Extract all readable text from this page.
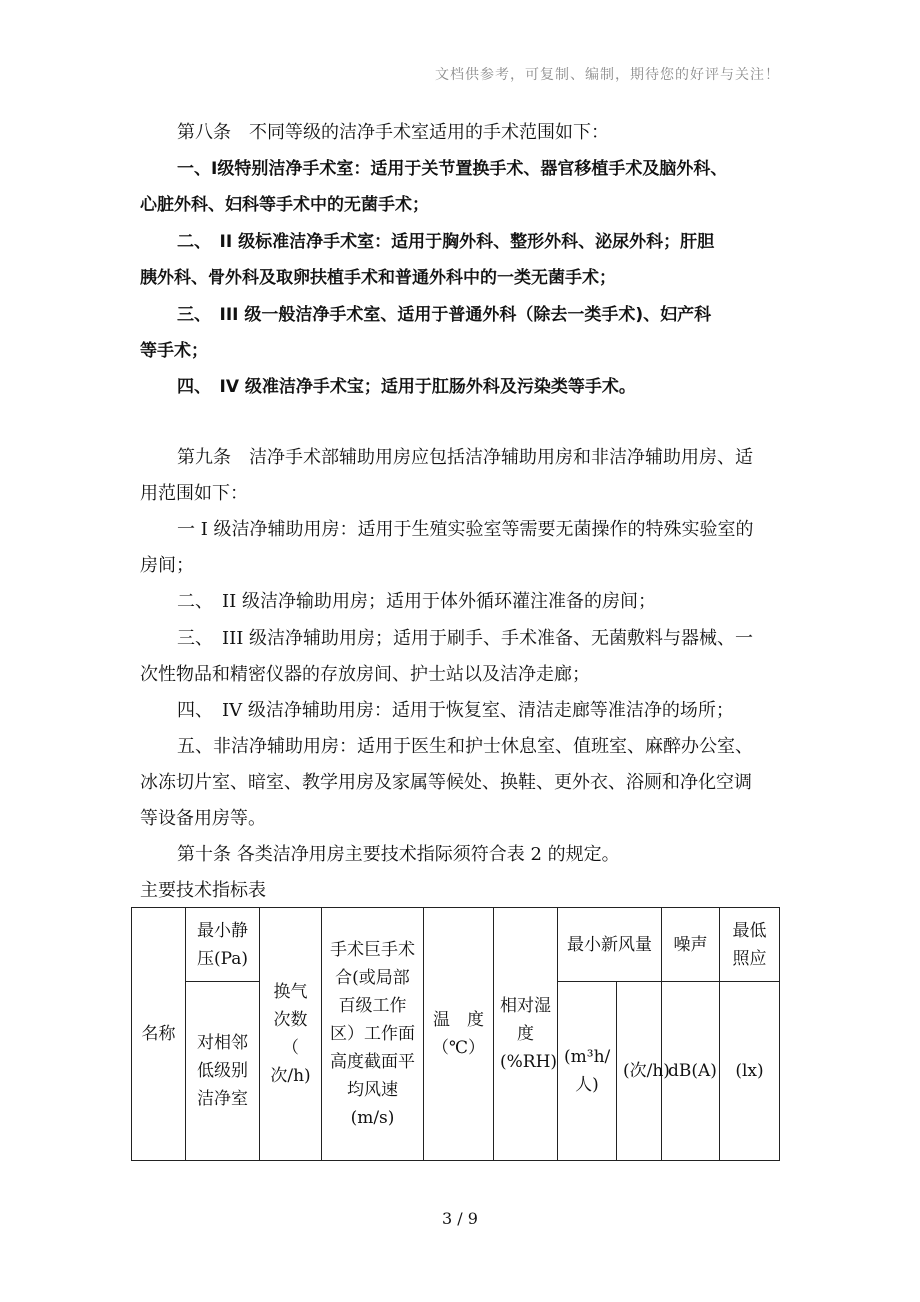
文档供参考，可复制、编制，期待您的好评与关注！
第八条　不同等级的洁净手术室适用的手术范围如下：
一、Ⅰ级特别洁净手术室：适用于关节置换手术、器官移植手术及脑外科、
心脏外科、妇科等手术中的无菌手术；
二、　II 级标准洁净手术室：适用于胸外科、整形外科、泌尿外科；肝胆
胰外科、骨外科及取卵扶植手术和普通外科中的一类无菌手术；
三、　III 级一般洁净手术室、适用于普通外科（除去一类手术)、妇产科
等手术；
四、　IV 级准洁净手术宝；适用于肛肠外科及污染类等手术。
第九条　洁净手术部辅助用房应包括洁净辅助用房和非洁净辅助用房、适
用范围如下：
一 I 级洁净辅助用房：适用于生殖实验室等需要无菌操作的特殊实验室的
房间；
二、　II 级洁净输助用房；适用于体外循环灌注准备的房间；
三、　III 级洁净辅助用房；适用于刷手、手术准备、无菌敷料与器械、一
次性物品和精密仪器的存放房间、护士站以及洁净走廊；
四、　IV 级洁净辅助用房：适用于恢复室、清洁走廊等准洁净的场所；
五、非洁净辅助用房：适用于医生和护士休息室、值班室、麻醉办公室、
冰冻切片室、暗室、教学用房及家属等候处、换鞋、更外衣、浴厕和净化空调
等设备用房等。
第十条 各类洁净用房主要技术指际须符合表 2 的规定。
主要技术指标表
名称	最小静压(Pa)	换气次数（ 次/h)	手术巨手术合(或局部百级工作区）工作面高度截面平均风速(m/s)	温　度（℃）	相对湿度(%RH)	最小新风量		噪声	最低照应
	对相邻低级别洁净室					(m³h/人)	(次/h)	dB(A)	(lx)
3 / 9
